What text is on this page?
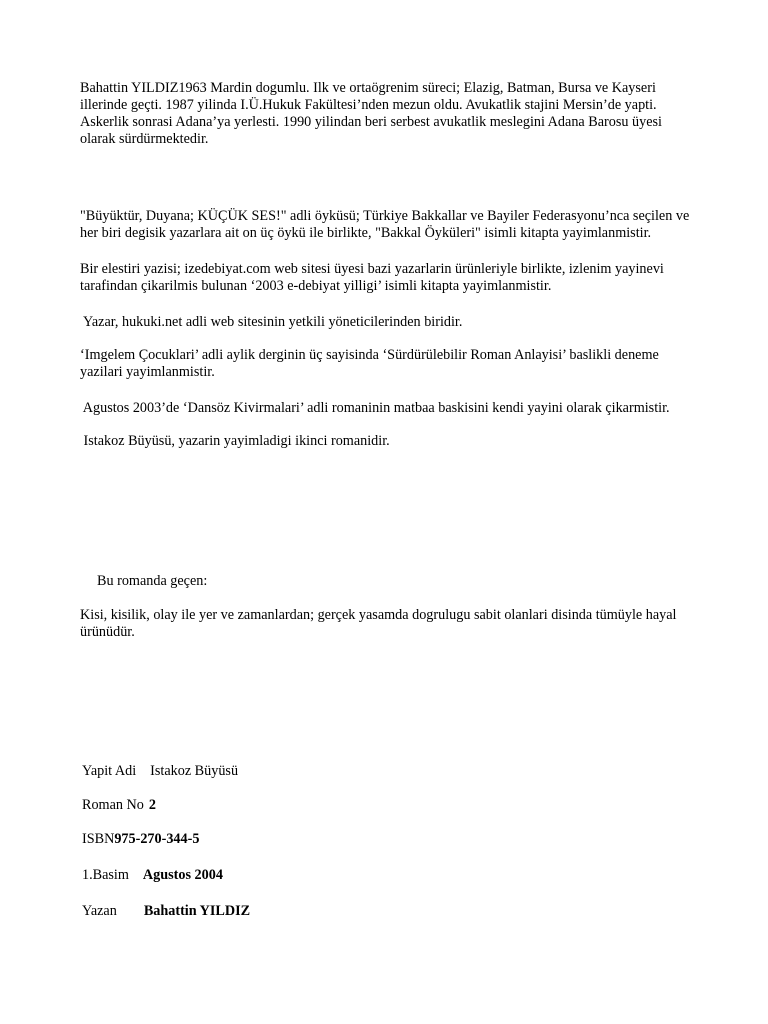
Bahattin YILDIZ1963 Mardin dogumlu. Ilk ve ortaögrenim süreci; Elazig, Batman, Bursa ve Kayseri illerinde geçti. 1987 yilinda I.Ü.Hukuk Fakültesi’nden mezun oldu. Avukatlik stajini Mersin’de yapti. Askerlik sonrasi Adana’ya yerlesti. 1990 yilindan beri serbest avukatlik meslegini Adana Barosu üyesi olarak sürdürmektedir.

"Büyüktür, Duyana; KÜÇÜK SES!" adli öyküsü; Türkiye Bakkallar ve Bayiler Federasyonu’nca seçilen ve her biri degisik yazarlara ait on üç öykü ile birlikte, "Bakkal Öyküleri" isimli kitapta yayimlanmistir.

Bir elestiri yazisi; izedebiyat.com web sitesi üyesi bazi yazarlarin ürünleriyle birlikte, izlenim yayinevi tarafindan çikarilmis bulunan ‘2003 e-debiyat yilligi’ isimli kitapta yayimlanmistir.

Yazar, hukuki.net adli web sitesinin yetkili yöneticilerinden biridir.

‘Imgelem Çocuklari’ adli aylik derginin üç sayisinda ‘Sürdürülebilir Roman Anlayisi’ baslikli deneme yazilari yayimlanmistir.

Agustos 2003’de ‘Dansöz Kivirmalari’ adli romaninin matbaa baskisini kendi yayini olarak çikarmistir.

Istakoz Büyüsü, yazarin yayimladigi ikinci romanidir.

Bu romanda geçen:

Kisi, kisilik, olay ile yer ve zamanlardan; gerçek yasamda dogrulugu sabit olanlari disinda tümüyle hayal ürünüdür.

Yapit Adi Istakoz Büyüsü
Roman No 2
ISBN975-270-344-5
1.Basim Agustos 2004
Yazan Bahattin YILDIZ
